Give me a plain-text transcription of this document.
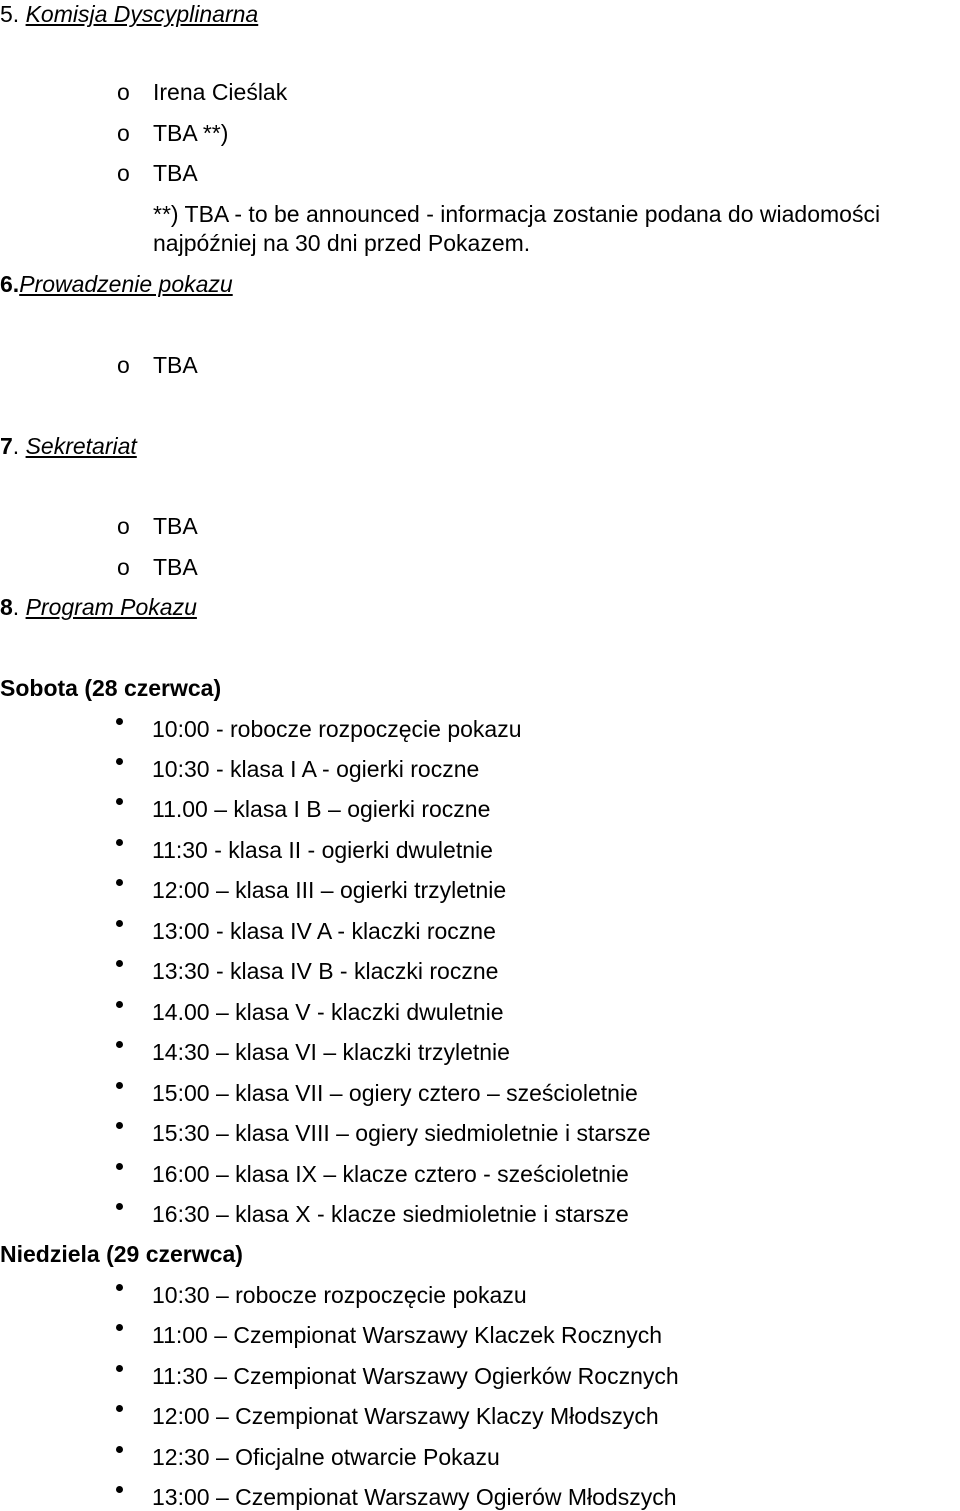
5. Komisja Dyscyplinarna
o Irena Cieślak
o TBA **)
o TBA
**) TBA - to be announced - informacja zostanie podana do wiadomości
najpóźniej na 30 dni przed Pokazem.
6.Prowadzenie pokazu
o TBA
7. Sekretariat
o TBA
o TBA
8. Program Pokazu
Sobota (28 czerwca)
10:00 - robocze rozpoczęcie pokazu
10:30 - klasa I A - ogierki roczne
11.00 – klasa I B – ogierki roczne
11:30 - klasa II - ogierki dwuletnie
12:00 – klasa III – ogierki trzyletnie
13:00 - klasa IV A - klaczki roczne
13:30 - klasa IV B - klaczki roczne
14.00 – klasa V - klaczki dwuletnie
14:30 – klasa VI – klaczki trzyletnie
15:00 – klasa VII – ogiery cztero – sześcioletnie
15:30 – klasa VIII – ogiery siedmioletnie i starsze
16:00 – klasa IX – klacze cztero - sześcioletnie
16:30 – klasa X - klacze siedmioletnie i starsze
Niedziela (29 czerwca)
10:30 – robocze rozpoczęcie pokazu
11:00 – Czempionat Warszawy Klaczek Rocznych
11:30 – Czempionat Warszawy Ogierków Rocznych
12:00 – Czempionat Warszawy Klaczy Młodszych
12:30 – Oficjalne otwarcie Pokazu
13:00 – Czempionat Warszawy Ogierów Młodszych
